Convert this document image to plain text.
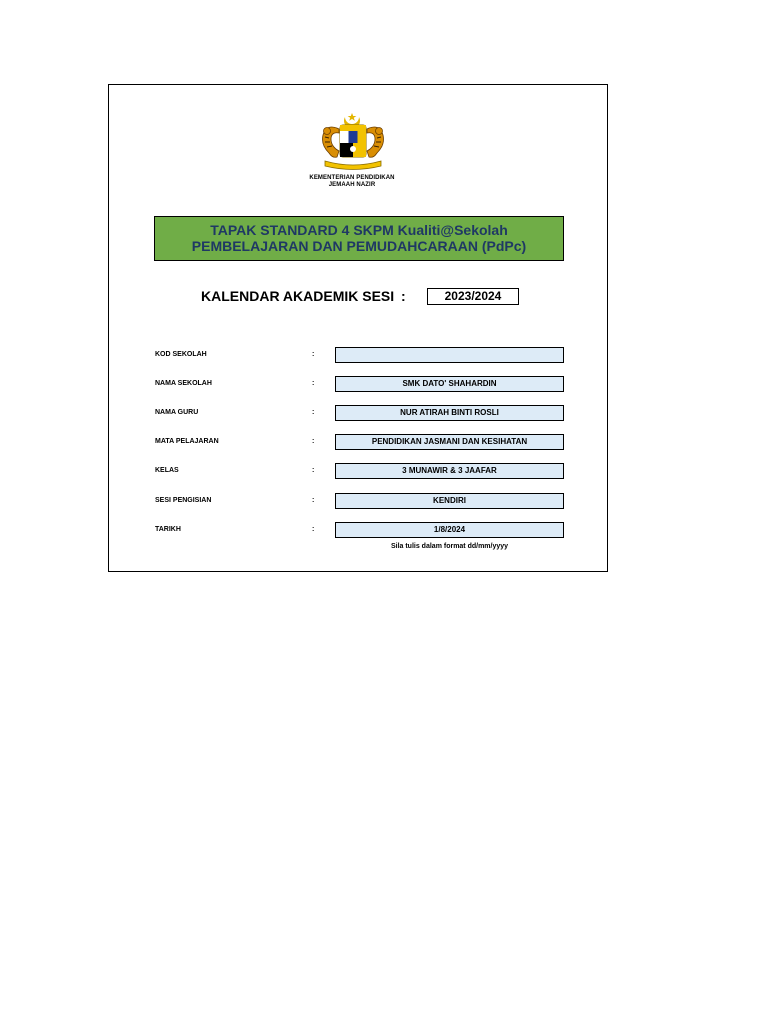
KEMENTERIAN PENDIDIKAN
JEMAAH NAZIR
TAPAK STANDARD 4 SKPM Kualiti@Sekolah
PEMBELAJARAN DAN PEMUDAHCARAAN (PdPc)
KALENDAR AKADEMIK SESI :	2023/2024
KOD SEKOLAH	:
NAMA SEKOLAH	:	SMK DATO' SHAHARDIN
NAMA GURU	:	NUR ATIRAH BINTI ROSLI
MATA PELAJARAN	:	PENDIDIKAN JASMANI DAN KESIHATAN
KELAS	:	3 MUNAWIR & 3 JAAFAR
SESI PENGISIAN	:	KENDIRI
TARIKH	:	1/8/2024
Sila tulis dalam format dd/mm/yyyy
